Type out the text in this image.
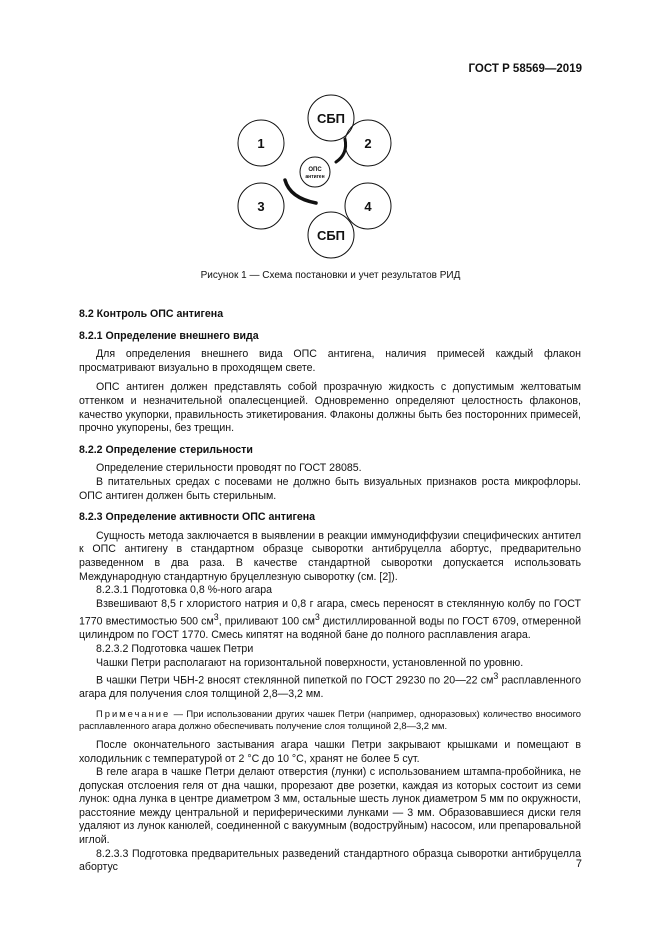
ГОСТ Р 58569—2019
СБП
1	2
ОПС
антиген
3	4
СБП
Рисунок 1 — Схема постановки и учет результатов РИД

8.2 Контроль ОПС антигена

8.2.1 Определение внешнего вида

Для определения внешнего вида ОПС антигена, наличия примесей каждый флакон просматривают визуально в проходящем свете.

ОПС антиген должен представлять собой прозрачную жидкость с допустимым желтоватым оттенком и незначительной опалесценцией. Одновременно определяют целостность флаконов, качество укупорки, правильность этикетирования. Флаконы должны быть без посторонних примесей, прочно укупорены, без трещин.

8.2.2 Определение стерильности

Определение стерильности проводят по ГОСТ 28085.

В питательных средах с посевами не должно быть визуальных признаков роста микрофлоры. ОПС антиген должен быть стерильным.

8.2.3 Определение активности ОПС антигена

Сущность метода заключается в выявлении в реакции иммунодиффузии специфических антител к ОПС антигену в стандартном образце сыворотки антибруцелла абортус, предварительно разведенном в два раза. В качестве стандартной сыворотки допускается использовать Международную стандартную бруцеллезную сыворотку (см. [2]).

8.2.3.1 Подготовка 0,8 %-ного агара

Взвешивают 8,5 г хлористого натрия и 0,8 г агара, смесь переносят в стеклянную колбу по ГОСТ 1770 вместимостью 500 $см^3$, приливают 100 $см^3$ дистиллированной воды по ГОСТ 6709, отмеренной цилиндром по ГОСТ 1770. Смесь кипятят на водяной бане до полного расплавления агара.

8.2.3.2 Подготовка чашек Петри

Чашки Петри располагают на горизонтальной поверхности, установленной по уровню.

В чашки Петри ЧБН-2 вносят стеклянной пипеткой по ГОСТ 29230 по 20—22 $см^3$ расплавленного агара для получения слоя толщиной 2,8—3,2 мм.

Примечание — При использовании других чашек Петри (например, одноразовых) количество вносимого расплавленного агара должно обеспечивать получение слоя толщиной 2,8—3,2 мм.

После окончательного застывания агара чашки Петри закрывают крышками и помещают в холодильник с температурой от 2 °С до 10 °С, хранят не более 5 сут.

В геле агара в чашке Петри делают отверстия (лунки) с использованием штампа-пробойника, не допуская отслоения геля от дна чашки, прорезают две розетки, каждая из которых состоит из семи лунок: одна лунка в центре диаметром 3 мм, остальные шесть лунок диаметром 5 мм по окружности, расстояние между центральной и периферическими лунками — 3 мм. Образовавшиеся диски геля удаляют из лунок канюлей, соединенной с вакуумным (водоструйным) насосом, или препаровальной иглой.

8.2.3.3 Подготовка предварительных разведений стандартного образца сыворотки антибруцелла абортус	7
